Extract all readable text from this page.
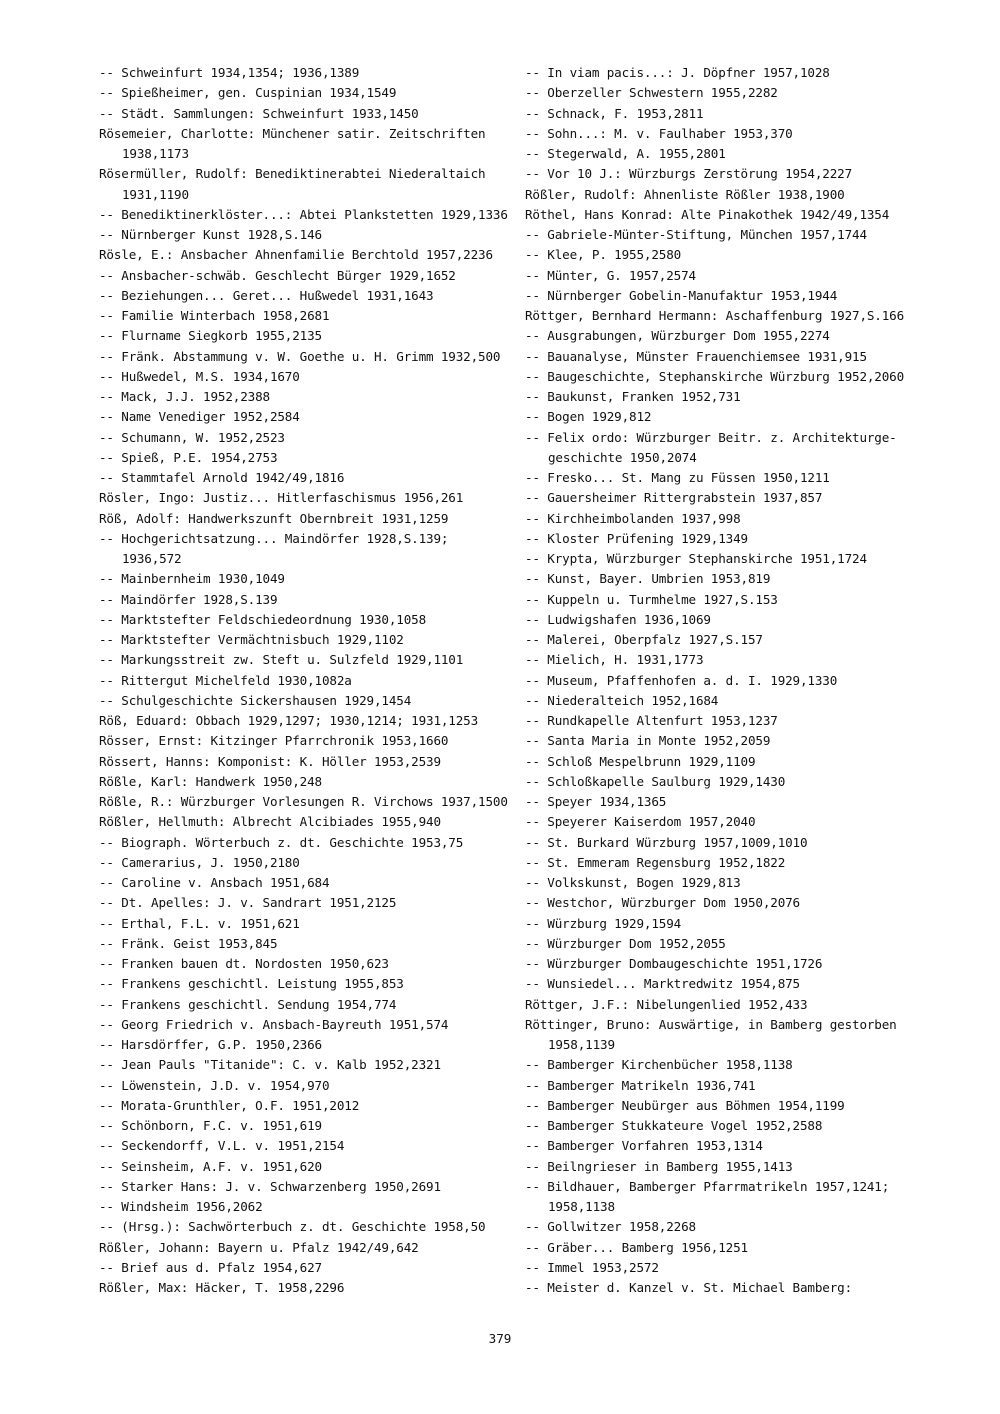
-- Schweinfurt 1934,1354; 1936,1389
-- Spießheimer, gen. Cuspinian 1934,1549
-- Städt. Sammlungen: Schweinfurt 1933,1450
Rösemeier, Charlotte: Münchener satir. Zeitschriften
1938,1173
Rösermüller, Rudolf: Benediktinerabtei Niederaltaich
1931,1190
-- Benediktinerklöster...: Abtei Plankstetten 1929,1336
-- Nürnberger Kunst 1928,S.146
Rösle, E.: Ansbacher Ahnenfamilie Berchtold 1957,2236
-- Ansbacher-schwäb. Geschlecht Bürger 1929,1652
-- Beziehungen... Geret... Hußwedel 1931,1643
-- Familie Winterbach 1958,2681
-- Flurname Siegkorb 1955,2135
-- Fränk. Abstammung v. W. Goethe u. H. Grimm 1932,500
-- Hußwedel, M.S. 1934,1670
-- Mack, J.J. 1952,2388
-- Name Venediger 1952,2584
-- Schumann, W. 1952,2523
-- Spieß, P.E. 1954,2753
-- Stammtafel Arnold 1942/49,1816
Rösler, Ingo: Justiz... Hitlerfaschismus 1956,261
Röß, Adolf: Handwerkszunft Obernbreit 1931,1259
-- Hochgerichtsatzung... Maindörfer 1928,S.139;
1936,572
-- Mainbernheim 1930,1049
-- Maindörfer 1928,S.139
-- Marktstefter Feldschiedeordnung 1930,1058
-- Marktstefter Vermächtnisbuch 1929,1102
-- Markungsstreit zw. Steft u. Sulzfeld 1929,1101
-- Rittergut Michelfeld 1930,1082a
-- Schulgeschichte Sickershausen 1929,1454
Röß, Eduard: Obbach 1929,1297; 1930,1214; 1931,1253
Rösser, Ernst: Kitzinger Pfarrchronik 1953,1660
Rössert, Hanns: Komponist: K. Höller 1953,2539
Rößle, Karl: Handwerk 1950,248
Rößle, R.: Würzburger Vorlesungen R. Virchows 1937,1500
Rößler, Hellmuth: Albrecht Alcibiades 1955,940
-- Biograph. Wörterbuch z. dt. Geschichte 1953,75
-- Camerarius, J. 1950,2180
-- Caroline v. Ansbach 1951,684
-- Dt. Apelles: J. v. Sandrart 1951,2125
-- Erthal, F.L. v. 1951,621
-- Fränk. Geist 1953,845
-- Franken bauen dt. Nordosten 1950,623
-- Frankens geschichtl. Leistung 1955,853
-- Frankens geschichtl. Sendung 1954,774
-- Georg Friedrich v. Ansbach-Bayreuth 1951,574
-- Harsdörffer, G.P. 1950,2366
-- Jean Pauls "Titanide": C. v. Kalb 1952,2321
-- Löwenstein, J.D. v. 1954,970
-- Morata-Grunthler, O.F. 1951,2012
-- Schönborn, F.C. v. 1951,619
-- Seckendorff, V.L. v. 1951,2154
-- Seinsheim, A.F. v. 1951,620
-- Starker Hans: J. v. Schwarzenberg 1950,2691
-- Windsheim 1956,2062
-- (Hrsg.): Sachwörterbuch z. dt. Geschichte 1958,50
Rößler, Johann: Bayern u. Pfalz 1942/49,642
-- Brief aus d. Pfalz 1954,627
Rößler, Max: Häcker, T. 1958,2296
-- In viam pacis...: J. Döpfner 1957,1028
-- Oberzeller Schwestern 1955,2282
-- Schnack, F. 1953,2811
-- Sohn...: M. v. Faulhaber 1953,370
-- Stegerwald, A. 1955,2801
-- Vor 10 J.: Würzburgs Zerstörung 1954,2227
Rößler, Rudolf: Ahnenliste Rößler 1938,1900
Röthel, Hans Konrad: Alte Pinakothek 1942/49,1354
-- Gabriele-Münter-Stiftung, München 1957,1744
-- Klee, P. 1955,2580
-- Münter, G. 1957,2574
-- Nürnberger Gobelin-Manufaktur 1953,1944
Röttger, Bernhard Hermann: Aschaffenburg 1927,S.166
-- Ausgrabungen, Würzburger Dom 1955,2274
-- Bauanalyse, Münster Frauenchiemsee 1931,915
-- Baugeschichte, Stephanskirche Würzburg 1952,2060
-- Baukunst, Franken 1952,731
-- Bogen 1929,812
-- Felix ordo: Würzburger Beitr. z. Architekturge-
geschichte 1950,2074
-- Fresko... St. Mang zu Füssen 1950,1211
-- Gauersheimer Rittergrabstein 1937,857
-- Kirchheimbolanden 1937,998
-- Kloster Prüfening 1929,1349
-- Krypta, Würzburger Stephanskirche 1951,1724
-- Kunst, Bayer. Umbrien 1953,819
-- Kuppeln u. Turmhelme 1927,S.153
-- Ludwigshafen 1936,1069
-- Malerei, Oberpfalz 1927,S.157
-- Mielich, H. 1931,1773
-- Museum, Pfaffenhofen a. d. I. 1929,1330
-- Niederalteich 1952,1684
-- Rundkapelle Altenfurt 1953,1237
-- Santa Maria in Monte 1952,2059
-- Schloß Mespelbrunn 1929,1109
-- Schloßkapelle Saulburg 1929,1430
-- Speyer 1934,1365
-- Speyerer Kaiserdom 1957,2040
-- St. Burkard Würzburg 1957,1009,1010
-- St. Emmeram Regensburg 1952,1822
-- Volkskunst, Bogen 1929,813
-- Westchor, Würzburger Dom 1950,2076
-- Würzburg 1929,1594
-- Würzburger Dom 1952,2055
-- Würzburger Dombaugeschichte 1951,1726
-- Wunsiedel... Marktredwitz 1954,875
Röttger, J.F.: Nibelungenlied 1952,433
Röttinger, Bruno: Auswärtige, in Bamberg gestorben
1958,1139
-- Bamberger Kirchenbücher 1958,1138
-- Bamberger Matrikeln 1936,741
-- Bamberger Neubürger aus Böhmen 1954,1199
-- Bamberger Stukkateure Vogel 1952,2588
-- Bamberger Vorfahren 1953,1314
-- Beilngrieser in Bamberg 1955,1413
-- Bildhauer, Bamberger Pfarrmatrikeln 1957,1241;
1958,1138
-- Gollwitzer 1958,2268
-- Gräber... Bamberg 1956,1251
-- Immel 1953,2572
-- Meister d. Kanzel v. St. Michael Bamberg:
379
